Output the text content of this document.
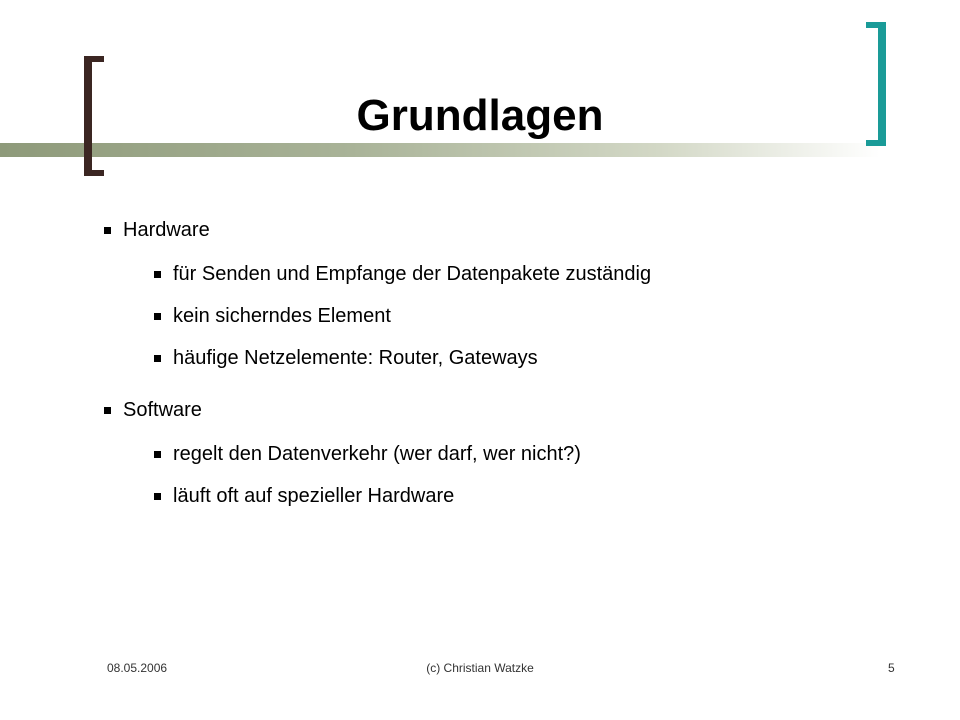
Grundlagen
Hardware
für Senden und Empfange der Datenpakete zuständig
kein sicherndes Element
häufige Netzelemente: Router, Gateways
Software
regelt den Datenverkehr (wer darf, wer nicht?)
läuft oft auf spezieller Hardware
08.05.2006	(c) Christian Watzke	5
